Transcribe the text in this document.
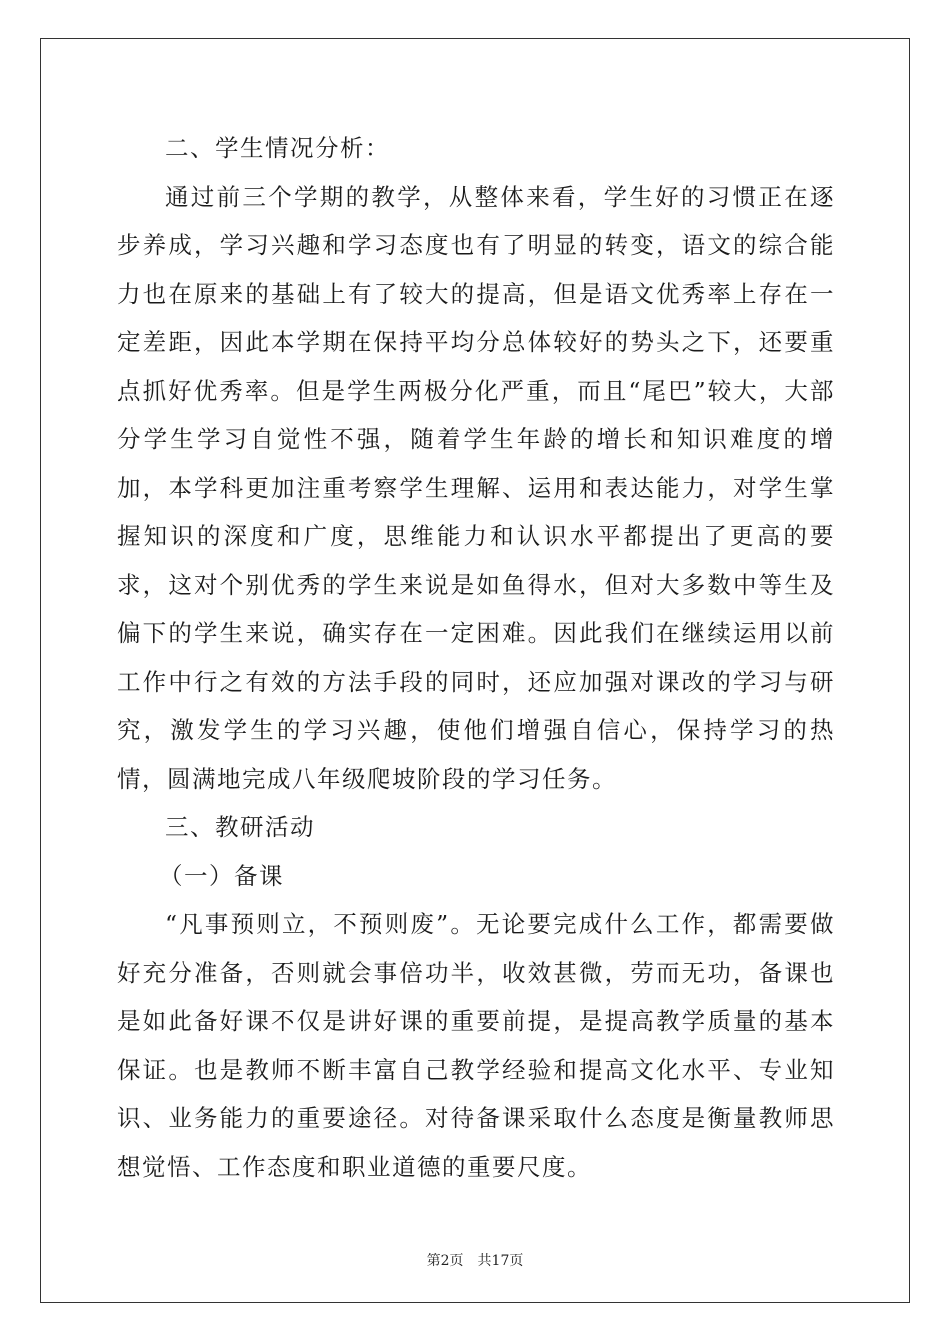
二、学生情况分析：

通过前三个学期的教学，从整体来看，学生好的习惯正在逐步养成，学习兴趣和学习态度也有了明显的转变，语文的综合能力也在原来的基础上有了较大的提高，但是语文优秀率上存在一定差距，因此本学期在保持平均分总体较好的势头之下，还要重点抓好优秀率。但是学生两极分化严重，而且“尾巴”较大，大部分学生学习自觉性不强，随着学生年龄的增长和知识难度的增加，本学科更加注重考察学生理解、运用和表达能力，对学生掌握知识的深度和广度，思维能力和认识水平都提出了更高的要求，这对个别优秀的学生来说是如鱼得水，但对大多数中等生及偏下的学生来说，确实存在一定困难。因此我们在继续运用以前工作中行之有效的方法手段的同时，还应加强对课改的学习与研究，激发学生的学习兴趣，使他们增强自信心，保持学习的热情，圆满地完成八年级爬坡阶段的学习任务。

三、教研活动

（一）备课

“凡事预则立，不预则废”。无论要完成什么工作，都需要做好充分准备，否则就会事倍功半，收效甚微，劳而无功，备课也是如此备好课不仅是讲好课的重要前提，是提高教学质量的基本保证。也是教师不断丰富自己教学经验和提高文化水平、专业知识、业务能力的重要途径。对待备课采取什么态度是衡量教师思想觉悟、工作态度和职业道德的重要尺度。

第2页 共17页
